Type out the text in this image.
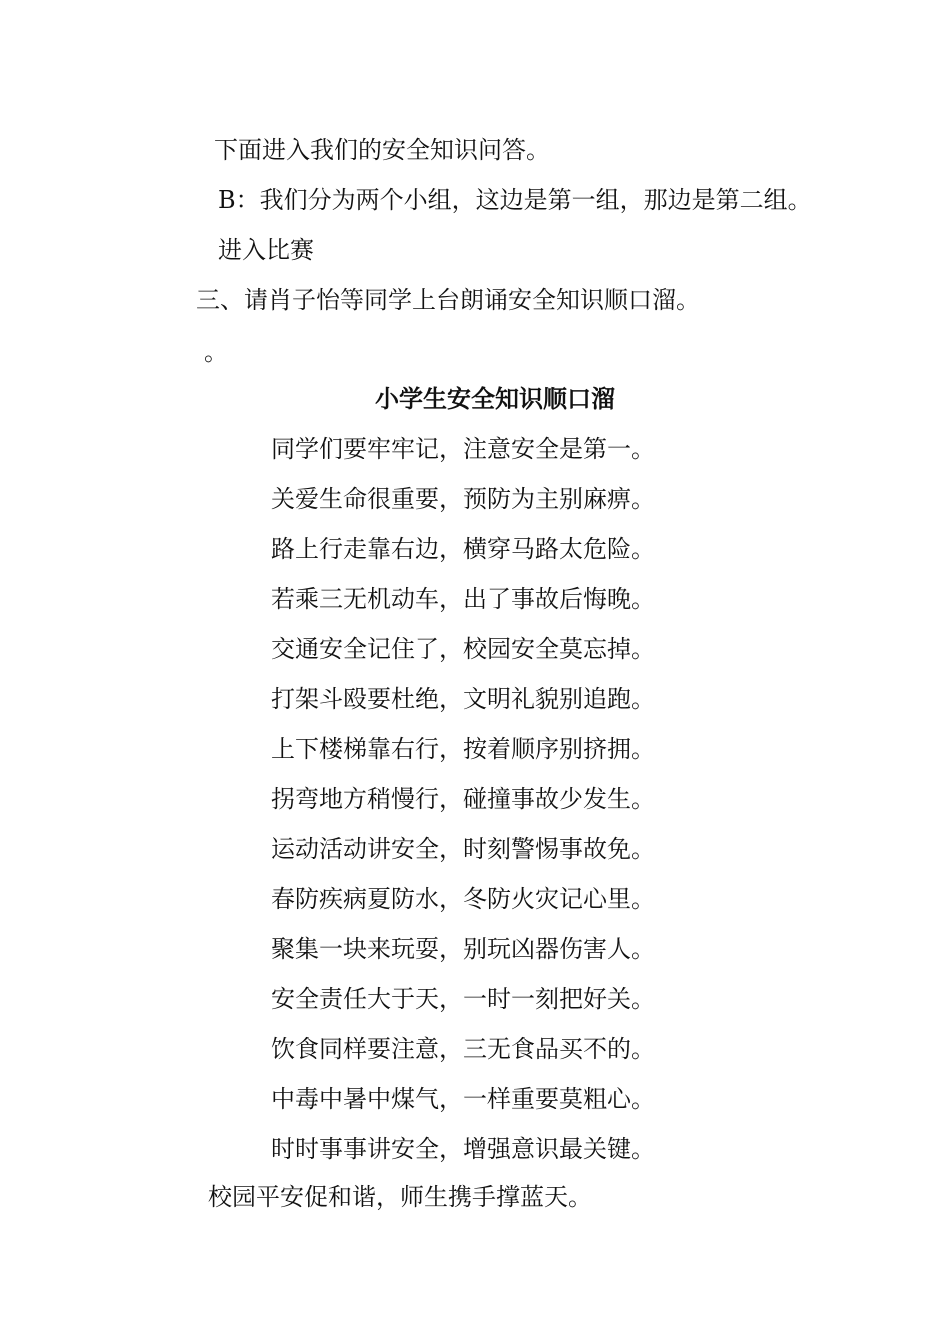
下面进入我们的安全知识问答。

B：我们分为两个小组，这边是第一组，那边是第二组。

进入比赛

三、请肖子怡等同学上台朗诵安全知识顺口溜。

。

小学生安全知识顺口溜
同学们要牢牢记，注意安全是第一。
关爱生命很重要，预防为主别麻痹。
路上行走靠右边，横穿马路太危险。
若乘三无机动车，出了事故后悔晚。
交通安全记住了，校园安全莫忘掉。
打架斗殴要杜绝，文明礼貌别追跑。
上下楼梯靠右行，按着顺序别挤拥。
拐弯地方稍慢行，碰撞事故少发生。
运动活动讲安全，时刻警惕事故免。
春防疾病夏防水，冬防火灾记心里。
聚集一块来玩耍，别玩凶器伤害人。
安全责任大于天，一时一刻把好关。
饮食同样要注意，三无食品买不的。
中毒中暑中煤气，一样重要莫粗心。
时时事事讲安全，增强意识最关键。

校园平安促和谐，师生携手撑蓝天。
